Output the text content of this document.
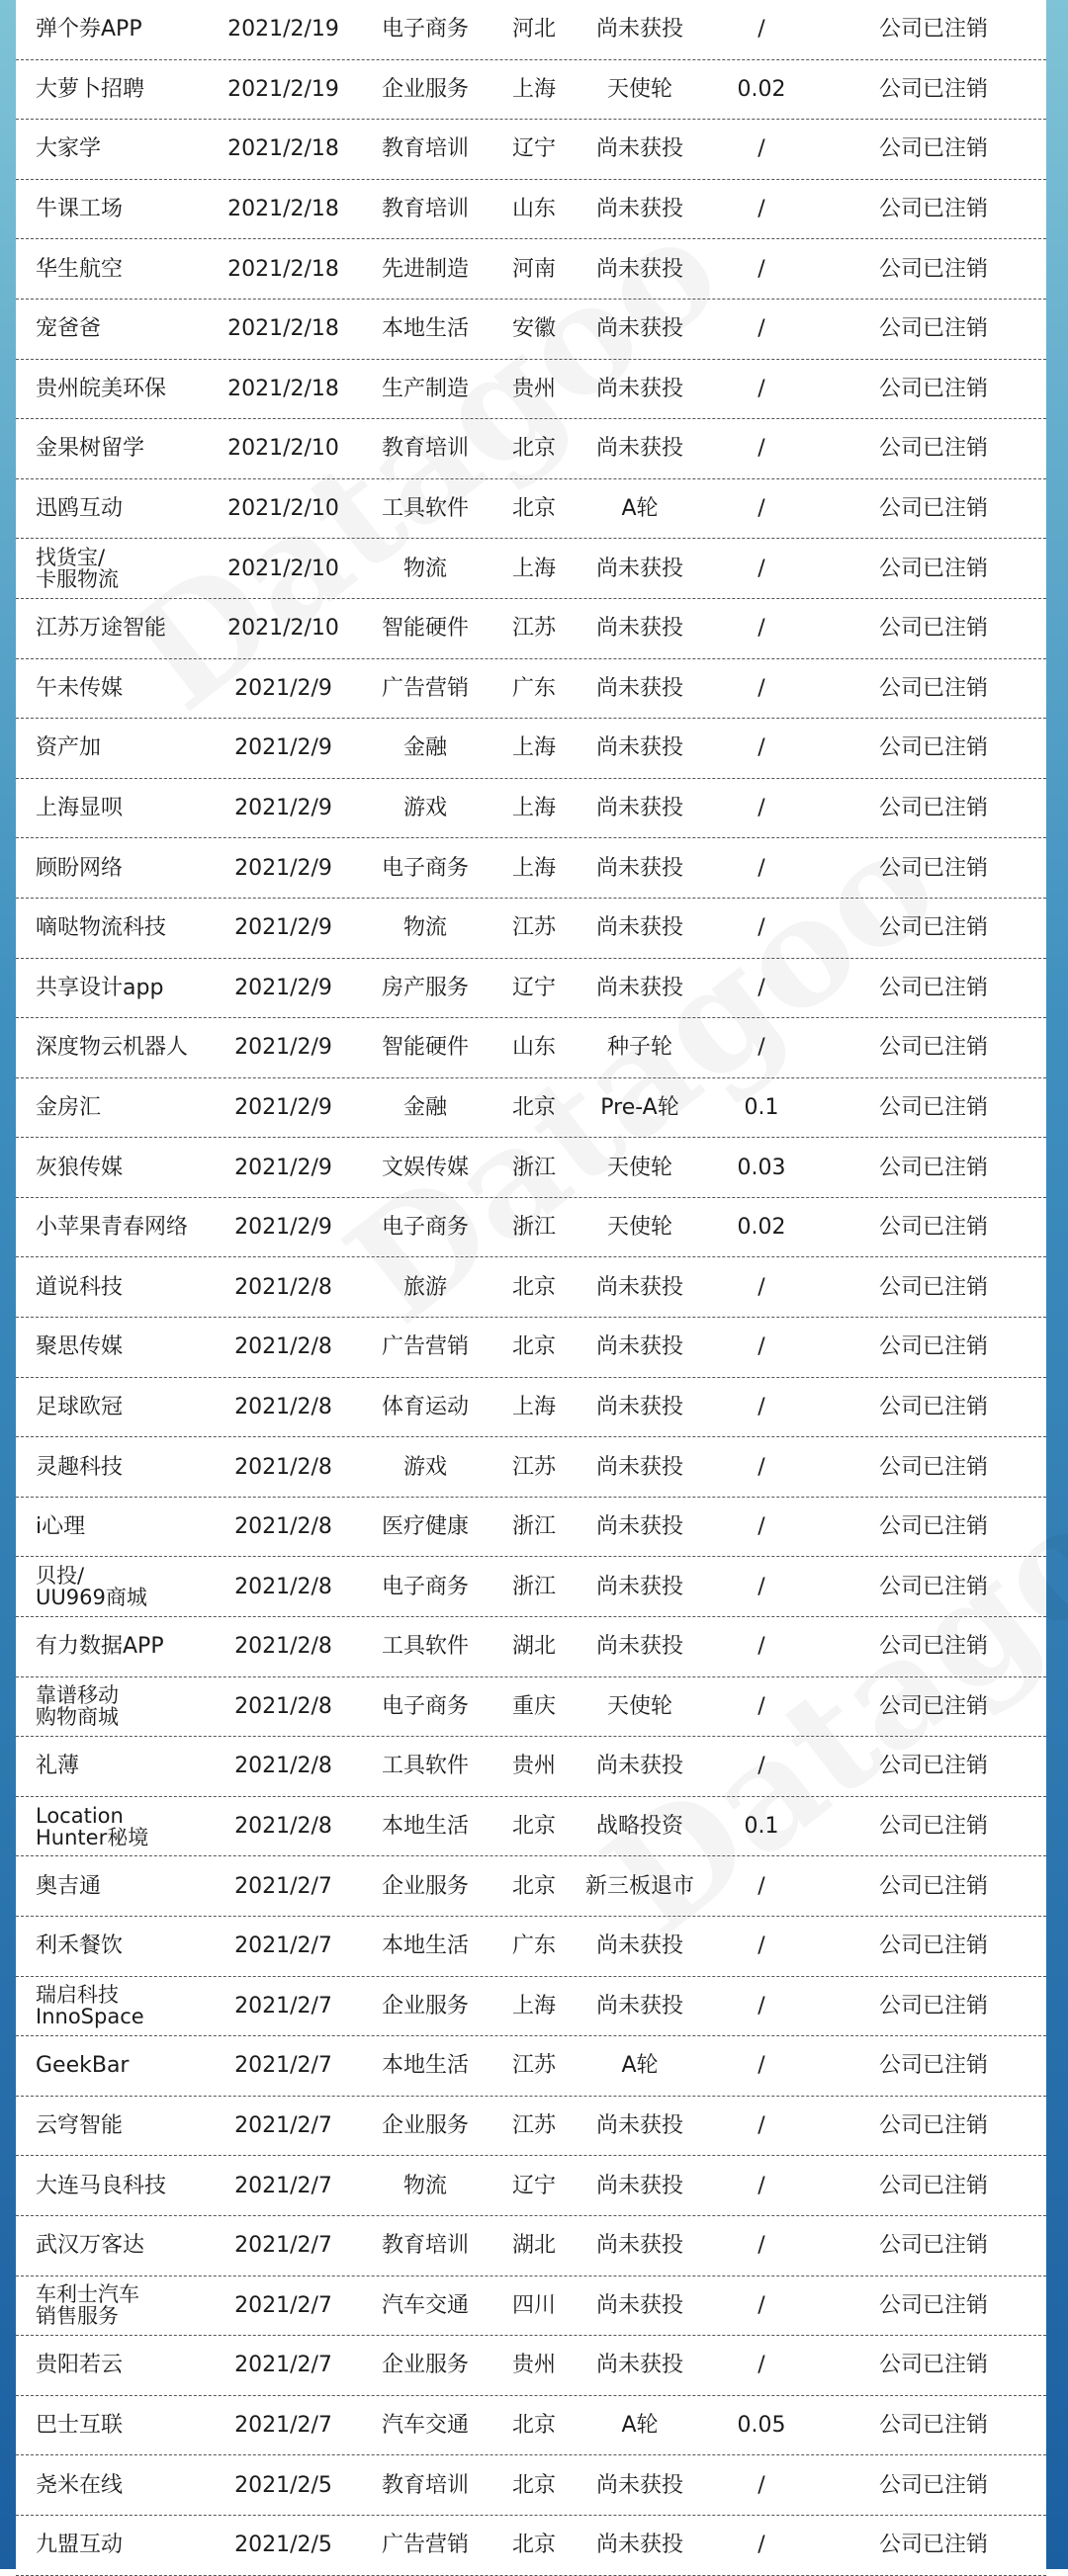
弹个券APP	2021/2/19	电子商务	河北	尚未获投	/	公司已注销
大萝卜招聘	2021/2/19	企业服务	上海	天使轮	0.02	公司已注销
大家学	2021/2/18	教育培训	辽宁	尚未获投	/	公司已注销
牛课工场	2021/2/18	教育培训	山东	尚未获投	/	公司已注销
华生航空	2021/2/18	先进制造	河南	尚未获投	/	公司已注销
宠爸爸	2021/2/18	本地生活	安徽	尚未获投	/	公司已注销
贵州皖美环保	2021/2/18	生产制造	贵州	尚未获投	/	公司已注销
金果树留学	2021/2/10	教育培训	北京	尚未获投	/	公司已注销
迅鸥互动	2021/2/10	工具软件	北京	A轮	/	公司已注销
找货宝/
卡服物流	2021/2/10	物流	上海	尚未获投	/	公司已注销
江苏万途智能	2021/2/10	智能硬件	江苏	尚未获投	/	公司已注销
午未传媒	2021/2/9	广告营销	广东	尚未获投	/	公司已注销
资产加	2021/2/9	金融	上海	尚未获投	/	公司已注销
上海显呗	2021/2/9	游戏	上海	尚未获投	/	公司已注销
顾盼网络	2021/2/9	电子商务	上海	尚未获投	/	公司已注销
嘀哒物流科技	2021/2/9	物流	江苏	尚未获投	/	公司已注销
共享设计app	2021/2/9	房产服务	辽宁	尚未获投	/	公司已注销
深度物云机器人	2021/2/9	智能硬件	山东	种子轮	/	公司已注销
金房汇	2021/2/9	金融	北京	Pre-A轮	0.1	公司已注销
灰狼传媒	2021/2/9	文娱传媒	浙江	天使轮	0.03	公司已注销
小苹果青春网络	2021/2/9	电子商务	浙江	天使轮	0.02	公司已注销
道说科技	2021/2/8	旅游	北京	尚未获投	/	公司已注销
聚思传媒	2021/2/8	广告营销	北京	尚未获投	/	公司已注销
足球欧冠	2021/2/8	体育运动	上海	尚未获投	/	公司已注销
灵趣科技	2021/2/8	游戏	江苏	尚未获投	/	公司已注销
i心理	2021/2/8	医疗健康	浙江	尚未获投	/	公司已注销
贝投/
UU969商城	2021/2/8	电子商务	浙江	尚未获投	/	公司已注销
有力数据APP	2021/2/8	工具软件	湖北	尚未获投	/	公司已注销
靠谱移动
购物商城	2021/2/8	电子商务	重庆	天使轮	/	公司已注销
礼薄	2021/2/8	工具软件	贵州	尚未获投	/	公司已注销
Location
Hunter秘境	2021/2/8	本地生活	北京	战略投资	0.1	公司已注销
奥吉通	2021/2/7	企业服务	北京	新三板退市	/	公司已注销
利禾餐饮	2021/2/7	本地生活	广东	尚未获投	/	公司已注销
瑞启科技
InnoSpace	2021/2/7	企业服务	上海	尚未获投	/	公司已注销
GeekBar	2021/2/7	本地生活	江苏	A轮	/	公司已注销
云穹智能	2021/2/7	企业服务	江苏	尚未获投	/	公司已注销
大连马良科技	2021/2/7	物流	辽宁	尚未获投	/	公司已注销
武汉万客达	2021/2/7	教育培训	湖北	尚未获投	/	公司已注销
车利士汽车
销售服务	2021/2/7	汽车交通	四川	尚未获投	/	公司已注销
贵阳若云	2021/2/7	企业服务	贵州	尚未获投	/	公司已注销
巴士互联	2021/2/7	汽车交通	北京	A轮	0.05	公司已注销
尧米在线	2021/2/5	教育培训	北京	尚未获投	/	公司已注销
九盟互动	2021/2/5	广告营销	北京	尚未获投	/	公司已注销
